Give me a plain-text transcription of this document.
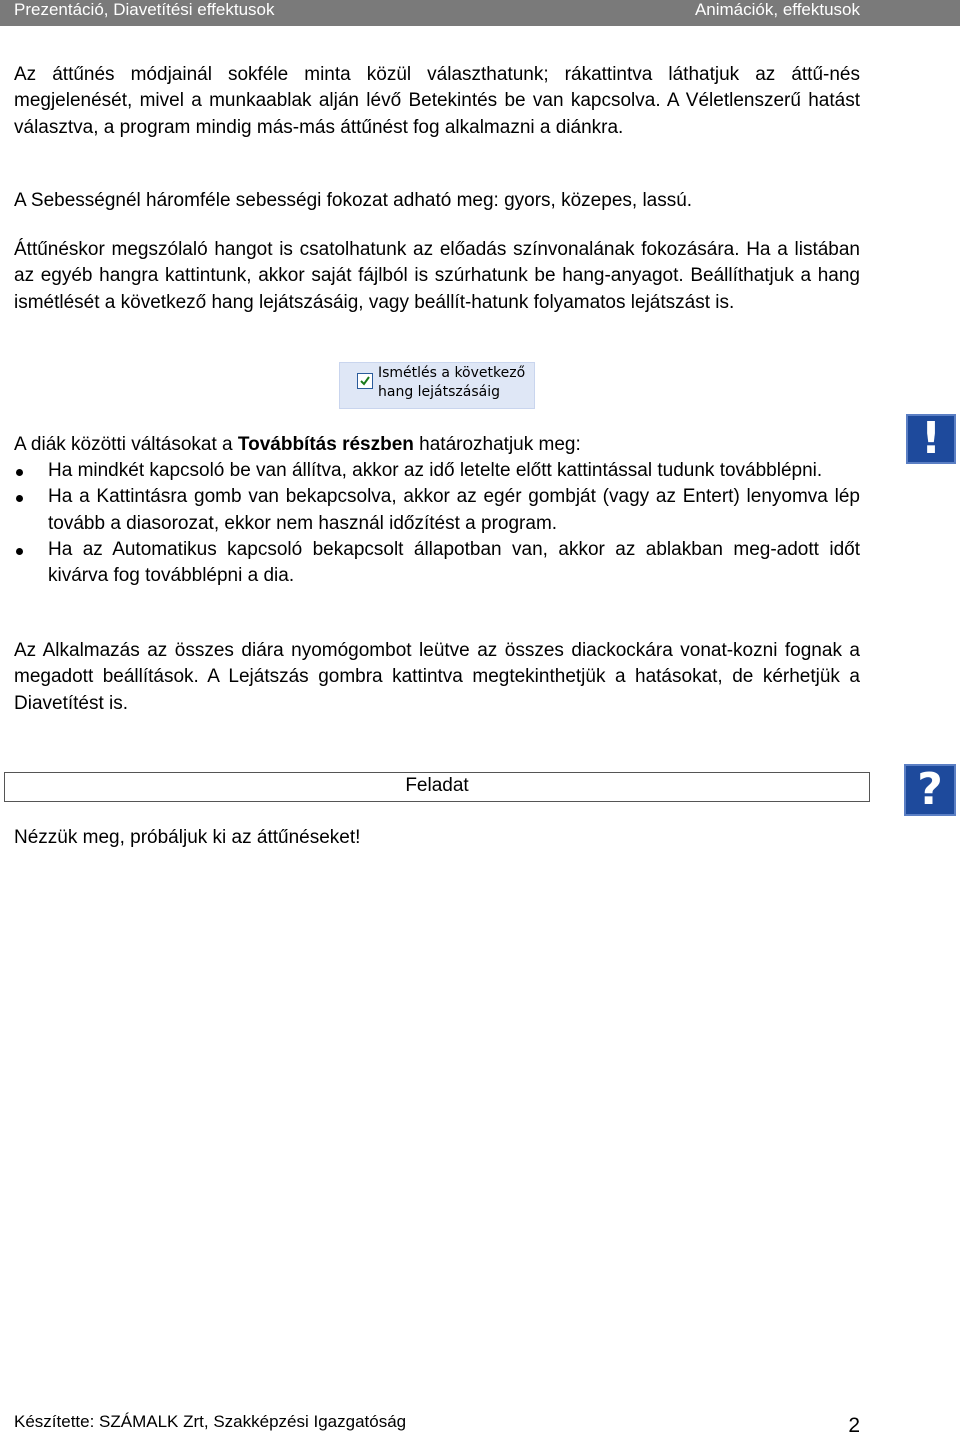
Prezentáció, Diavetítési effektusok	Animációk, effektusok

Az áttűnés módjainál sokféle minta közül választhatunk; rákattintva láthatjuk az áttű-nés megjelenését, mivel a munkaablak alján lévő Betekintés be van kapcsolva. A Véletlenszerű hatást választva, a program mindig más-más áttűnést fog alkalmazni a diánkra.

A Sebességnél háromféle sebességi fokozat adható meg: gyors, közepes, lassú.

Áttűnéskor megszólaló hangot is csatolhatunk az előadás színvonalának fokozására. Ha a listában az egyéb hangra kattintunk, akkor saját fájlból is szúrhatunk be hang-anyagot. Beállíthatjuk a hang ismétlését a következő hang lejátszásáig, vagy beállít-hatunk folyamatos lejátszást is.

Ismétlés a következő
hang lejátszásáig

A diák közötti váltásokat a Továbbítás részben határozhatjuk meg:	!
Ha mindkét kapcsoló be van állítva, akkor az idő letelte előtt kattintással tudunk továbblépni.
Ha a Kattintásra gomb van bekapcsolva, akkor az egér gombját (vagy az Entert) lenyomva lép tovább a diasorozat, ekkor nem használ időzítést a program.
Ha az Automatikus kapcsoló bekapcsolt állapotban van, akkor az ablakban meg-adott időt kivárva fog továbblépni a dia.

Az Alkalmazás az összes diára nyomógombot leütve az összes diackockára vonat-kozni fognak a megadott beállítások. A Lejátszás gombra kattintva megtekinthetjük a hatásokat, de kérhetjük a Diavetítést is.

Feladat	?

Nézzük meg, próbáljuk ki az áttűnéseket!

Készítette: SZÁMALK Zrt, Szakképzési Igazgatóság	2
